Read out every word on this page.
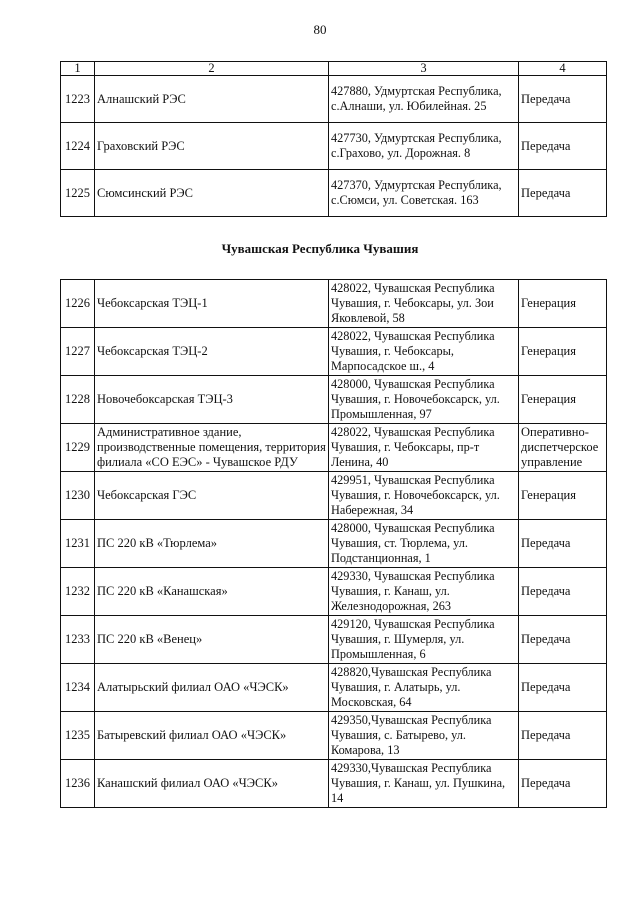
80
1	2	3	4
1223	Алнашский РЭС	427880, Удмуртская Республика, с.Алнаши, ул. Юбилейная. 25	Передача
1224	Граховский РЭС	427730, Удмуртская Республика, с.Грахово, ул. Дорожная. 8	Передача
1225	Сюмсинский РЭС	427370, Удмуртская Республика, с.Сюмси, ул. Советская. 163	Передача
Чувашская Республика Чувашия
1226	Чебоксарская ТЭЦ-1	428022, Чувашская Республика Чувашия, г. Чебоксары, ул. Зои Яковлевой, 58	Генерация
1227	Чебоксарская ТЭЦ-2	428022, Чувашская Республика Чувашия, г. Чебоксары, Марпосадское ш., 4	Генерация
1228	Новочебоксарская ТЭЦ-3	428000, Чувашская Республика Чувашия, г. Новочебоксарск, ул. Промышленная, 97	Генерация
1229	Административное здание, производственные помещения, территория филиала «СО ЕЭС» - Чувашское РДУ	428022, Чувашская Республика Чувашия, г. Чебоксары, пр-т Ленина, 40	Оперативно-диспетчерское управление
1230	Чебоксарская ГЭС	429951, Чувашская Республика Чувашия, г. Новочебоксарск, ул. Набережная, 34	Генерация
1231	ПС 220 кВ «Тюрлема»	428000, Чувашская Республика Чувашия, ст. Тюрлема, ул. Подстанционная, 1	Передача
1232	ПС 220 кВ «Канашская»	429330, Чувашская Республика Чувашия, г. Канаш, ул. Железнодорожная, 263	Передача
1233	ПС 220 кВ «Венец»	429120, Чувашская Республика Чувашия, г. Шумерля, ул. Промышленная, 6	Передача
1234	Алатырьский филиал ОАО «ЧЭСК»	428820,Чувашская Республика Чувашия, г. Алатырь, ул. Московская, 64	Передача
1235	Батыревский филиал ОАО «ЧЭСК»	429350,Чувашская Республика Чувашия, с. Батырево, ул. Комарова, 13	Передача
1236	Канашский филиал ОАО «ЧЭСК»	429330,Чувашская Республика Чувашия, г. Канаш, ул. Пушкина, 14	Передача
